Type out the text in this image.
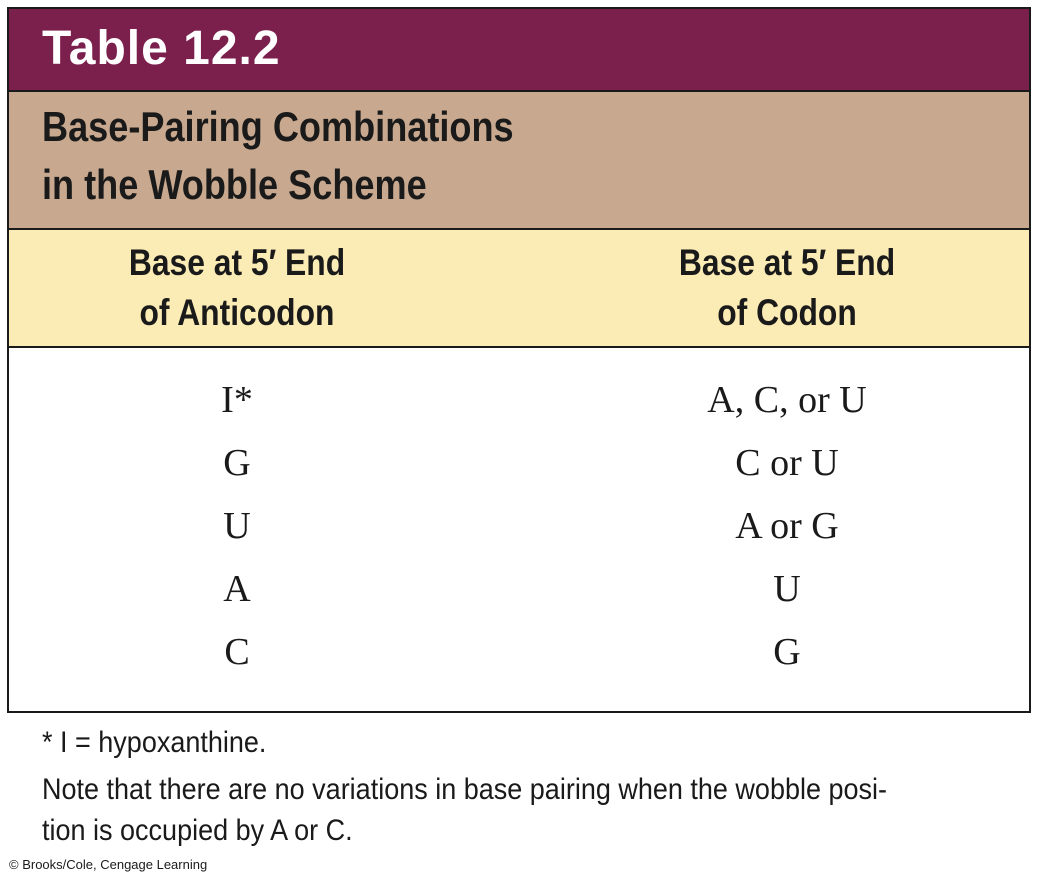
Table 12.2
Base-Pairing Combinations
in the Wobble Scheme
Base at 5′ End
of Anticodon
Base at 5′ End
of Codon
I*	A, C, or U
G	C or U
U	A or G
A	U
C	G
* I = hypoxanthine.
Note that there are no variations in base pairing when the wobble posi-
tion is occupied by A or C.
© Brooks/Cole, Cengage Learning
